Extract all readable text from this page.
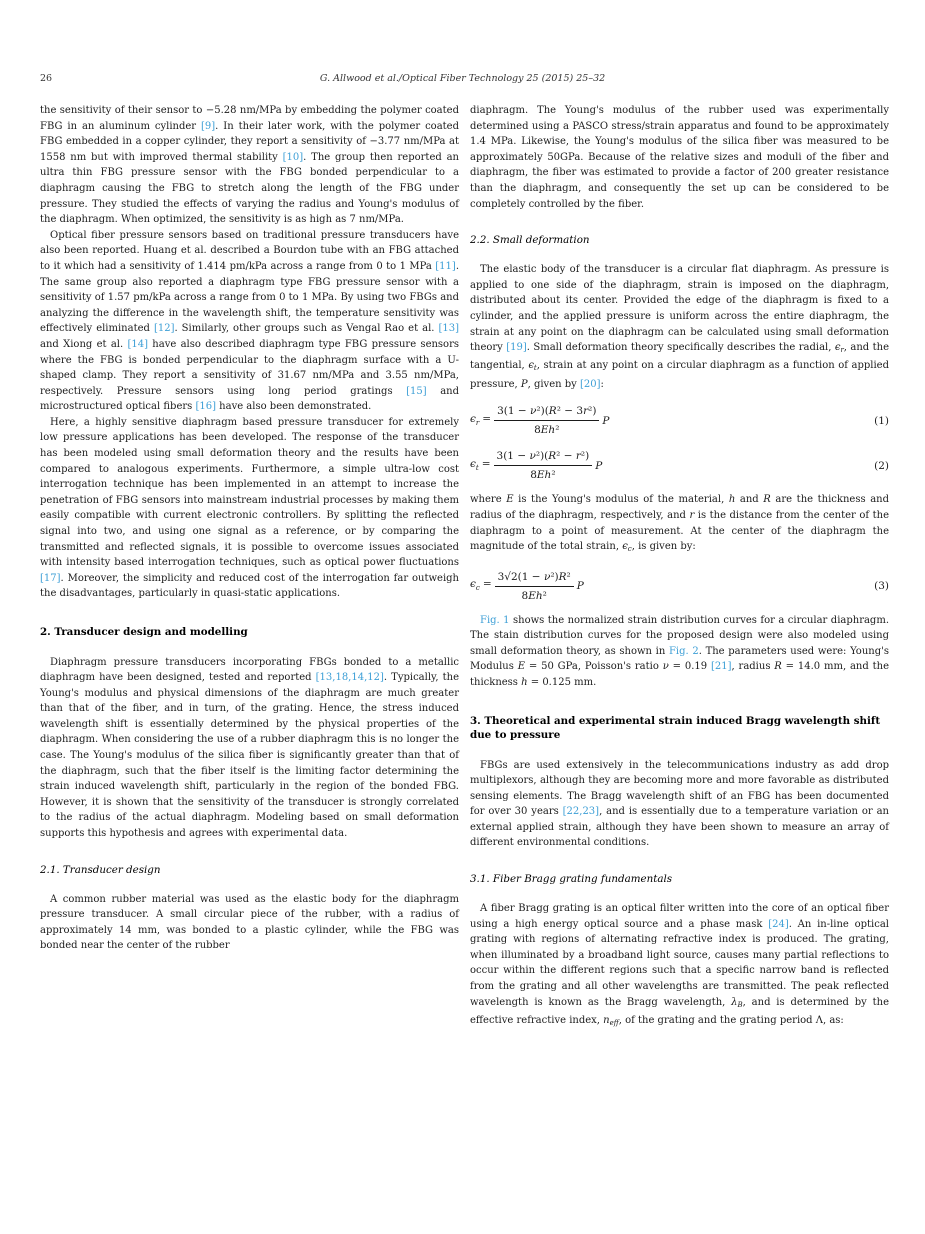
26	G. Allwood et al./Optical Fiber Technology 25 (2015) 25–32

the sensitivity of their sensor to −5.28 nm/MPa by embedding the polymer coated FBG in an aluminum cylinder [9]. In their later work, with the polymer coated FBG embedded in a copper cylinder, they report a sensitivity of −3.77 nm/MPa at 1558 nm but with improved thermal stability [10]. The group then reported an ultra thin FBG pressure sensor with the FBG bonded perpendicular to a diaphragm causing the FBG to stretch along the length of the FBG under pressure. They studied the effects of varying the radius and Young's modulus of the diaphragm. When optimized, the sensitivity is as high as 7 nm/MPa.

Optical fiber pressure sensors based on traditional pressure transducers have also been reported. Huang et al. described a Bourdon tube with an FBG attached to it which had a sensitivity of 1.414 pm/kPa across a range from 0 to 1 MPa [11]. The same group also reported a diaphragm type FBG pressure sensor with a sensitivity of 1.57 pm/kPa across a range from 0 to 1 MPa. By using two FBGs and analyzing the difference in the wavelength shift, the temperature sensitivity was effectively eliminated [12]. Similarly, other groups such as Vengal Rao et al. [13] and Xiong et al. [14] have also described diaphragm type FBG pressure sensors where the FBG is bonded perpendicular to the diaphragm surface with a U-shaped clamp. They report a sensitivity of 31.67 nm/MPa and 3.55 nm/MPa, respectively. Pressure sensors using long period gratings [15] and microstructured optical fibers [16] have also been demonstrated.

Here, a highly sensitive diaphragm based pressure transducer for extremely low pressure applications has been developed. The response of the transducer has been modeled using small deformation theory and the results have been compared to analogous experiments. Furthermore, a simple ultra-low cost interrogation technique has been implemented in an attempt to increase the penetration of FBG sensors into mainstream industrial processes by making them easily compatible with current electronic controllers. By splitting the reflected signal into two, and using one signal as a reference, or by comparing the transmitted and reflected signals, it is possible to overcome issues associated with intensity based interrogation techniques, such as optical power fluctuations [17]. Moreover, the simplicity and reduced cost of the interrogation far outweigh the disadvantages, particularly in quasi-static applications.

2. Transducer design and modelling

Diaphragm pressure transducers incorporating FBGs bonded to a metallic diaphragm have been designed, tested and reported [13,18,14,12]. Typically, the Young's modulus and physical dimensions of the diaphragm are much greater than that of the fiber, and in turn, of the grating. Hence, the stress induced wavelength shift is essentially determined by the physical properties of the diaphragm. When considering the use of a rubber diaphragm this is no longer the case. The Young's modulus of the silica fiber is significantly greater than that of the diaphragm, such that the fiber itself is the limiting factor determining the strain induced wavelength shift, particularly in the region of the bonded FBG. However, it is shown that the sensitivity of the transducer is strongly correlated to the radius of the actual diaphragm. Modeling based on small deformation supports this hypothesis and agrees with experimental data.

2.1. Transducer design

A common rubber material was used as the elastic body for the diaphragm pressure transducer. A small circular piece of the rubber, with a radius of approximately 14 mm, was bonded to a plastic cylinder, while the FBG was bonded near the center of the rubber

diaphragm. The Young's modulus of the rubber used was experimentally determined using a PASCO stress/strain apparatus and found to be approximately 1.4 MPa. Likewise, the Young's modulus of the silica fiber was measured to be approximately 50GPa. Because of the relative sizes and moduli of the fiber and diaphragm, the fiber was estimated to provide a factor of 200 greater resistance than the diaphragm, and consequently the set up can be considered to be completely controlled by the fiber.

2.2. Small deformation

The elastic body of the transducer is a circular flat diaphragm. As pressure is applied to one side of the diaphragm, strain is imposed on the diaphragm, distributed about its center. Provided the edge of the diaphragm is fixed to a cylinder, and the applied pressure is uniform across the entire diaphragm, the strain at any point on the diaphragm can be calculated using small deformation theory [19]. Small deformation theory specifically describes the radial, ϵr, and the tangential, ϵt, strain at any point on a circular diaphragm as a function of applied pressure, P, given by [20]:

$\epsilon_r = \frac{\text{3(1 − ν²)(R² − 3r²)}}{\text{8Eh²}}$ P	(1)
$\epsilon_t = \frac{\text{3(1 − ν²)(R² − r²)}}{\text{8Eh²}}$ P	(2)

where E is the Young's modulus of the material, h and R are the thickness and radius of the diaphragm, respectively, and r is the distance from the center of the diaphragm to a point of measurement. At the center of the diaphragm the magnitude of the total strain, ϵc, is given by:

$\epsilon_c = \frac{\text{3√2(1 − ν²)R²}}{\text{8Eh²}}$ P	(3)

Fig. 1 shows the normalized strain distribution curves for a circular diaphragm. The stain distribution curves for the proposed design were also modeled using small deformation theory, as shown in Fig. 2. The parameters used were: Young's Modulus E = 50 GPa, Poisson's ratio ν = 0.19 [21], radius R = 14.0 mm, and the thickness h = 0.125 mm.

3. Theoretical and experimental strain induced Bragg wavelength shift due to pressure

FBGs are used extensively in the telecommunications industry as add drop multiplexors, although they are becoming more and more favorable as distributed sensing elements. The Bragg wavelength shift of an FBG has been documented for over 30 years [22,23], and is essentially due to a temperature variation or an external applied strain, although they have been shown to measure an array of different environmental conditions.

3.1. Fiber Bragg grating fundamentals

A fiber Bragg grating is an optical filter written into the core of an optical fiber using a high energy optical source and a phase mask [24]. An in-line optical grating with regions of alternating refractive index is produced. The grating, when illuminated by a broadband light source, causes many partial reflections to occur within the different regions such that a specific narrow band is reflected from the grating and all other wavelengths are transmitted. The peak reflected wavelength is known as the Bragg wavelength, λB, and is determined by the effective refractive index, neff, of the grating and the grating period Λ, as:
